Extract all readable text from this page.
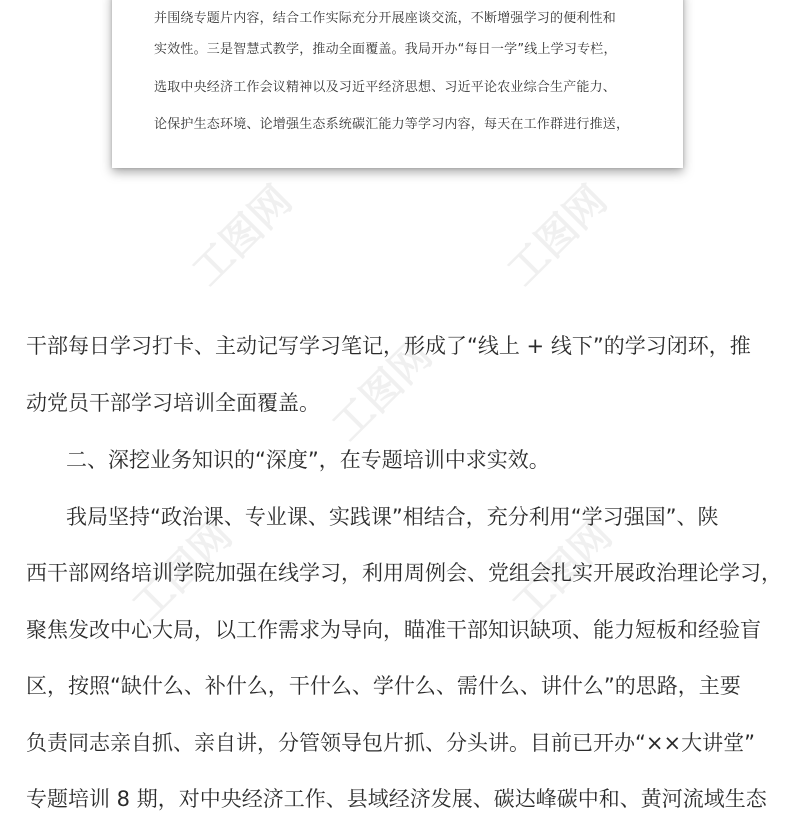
并围绕专题片内容，结合工作实际充分开展座谈交流，不断增强学习的便利性和
实效性。三是智慧式教学，推动全面覆盖。我局开办“每日一学”线上学习专栏，
选取中央经济工作会议精神以及习近平经济思想、习近平论农业综合生产能力、
论保护生态环境、论增强生态系统碳汇能力等学习内容，每天在工作群进行推送，
工图网	工图网
工图网
工图网	工图网
干部每日学习打卡、主动记写学习笔记，形成了“线上 + 线下”的学习闭环，推
动党员干部学习培训全面覆盖。
二、深挖业务知识的“深度”，在专题培训中求实效。
我局坚持“政治课、专业课、实践课”相结合，充分利用“学习强国”、陕
西干部网络培训学院加强在线学习，利用周例会、党组会扎实开展政治理论学习，
聚焦发改中心大局，以工作需求为导向，瞄准干部知识缺项、能力短板和经验盲
区，按照“缺什么、补什么，干什么、学什么、需什么、讲什么”的思路，主要
负责同志亲自抓、亲自讲，分管领导包片抓、分头讲。目前已开办“××大讲堂”
专题培训 8 期，对中央经济工作、县域经济发展、碳达峰碳中和、黄河流域生态
